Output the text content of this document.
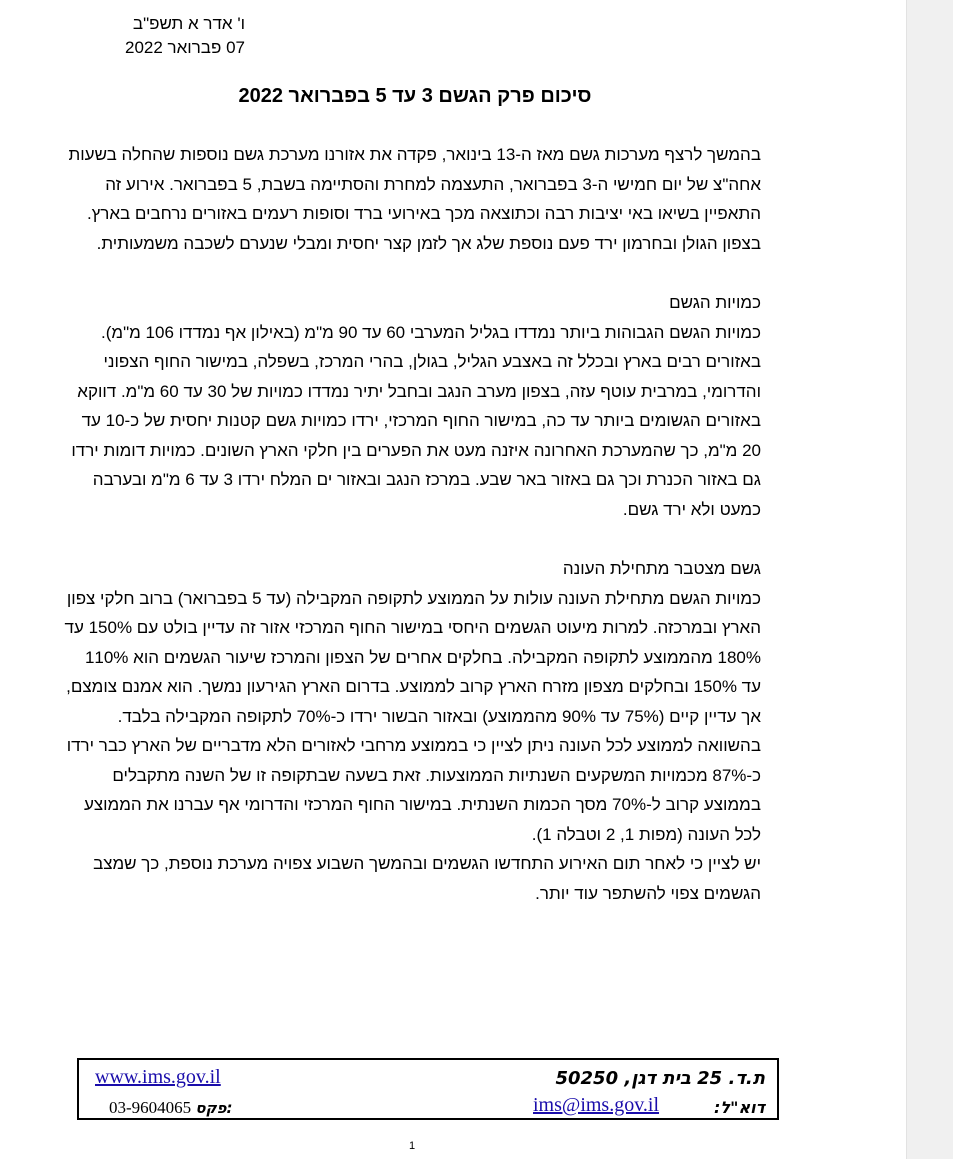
ו' אדר א תשפ"ב
07 פברואר 2022
סיכום פרק הגשם 3 עד 5 בפברואר 2022

בהמשך לרצף מערכות גשם מאז ה-13 בינואר, פקדה את אזורנו מערכת גשם נוספות שהחלה בשעות אחה"צ של יום חמישי ה-3 בפברואר, התעצמה למחרת והסתיימה בשבת, 5 בפברואר. אירוע זה התאפיין בשיאו באי יציבות רבה וכתוצאה מכך באירועי ברד וסופות רעמים באזורים נרחבים בארץ. בצפון הגולן ובחרמון ירד פעם נוספת שלג אך לזמן קצר יחסית ומבלי שנערם לשכבה משמעותית.

כמויות הגשם

כמויות הגשם הגבוהות ביותר נמדדו בגליל המערבי 60 עד 90 מ"מ (באילון אף נמדדו 106 מ"מ). באזורים רבים בארץ ובכלל זה באצבע הגליל, בגולן, בהרי המרכז, בשפלה, במישור החוף הצפוני והדרומי, במרבית עוטף עזה, בצפון מערב הנגב ובחבל יתיר נמדדו כמויות של 30 עד 60 מ"מ. דווקא באזורים הגשומים ביותר עד כה, במישור החוף המרכזי, ירדו כמויות גשם קטנות יחסית של כ-10 עד 20 מ"מ, כך שהמערכת האחרונה איזנה מעט את הפערים בין חלקי הארץ השונים. כמויות דומות ירדו גם באזור הכנרת וכך גם באזור באר שבע. במרכז הנגב ובאזור ים המלח ירדו 3 עד 6 מ"מ ובערבה כמעט ולא ירד גשם.

גשם מצטבר מתחילת העונה

כמויות הגשם מתחילת העונה עולות על הממוצע לתקופה המקבילה (עד 5 בפברואר) ברוב חלקי צפון הארץ ובמרכזה. למרות מיעוט הגשמים היחסי במישור החוף המרכזי אזור זה עדיין בולט עם 150% עד 180% מהממוצע לתקופה המקבילה. בחלקים אחרים של הצפון והמרכז שיעור הגשמים הוא 110% עד 150% ובחלקים מצפון מזרח הארץ קרוב לממוצע. בדרום הארץ הגירעון נמשך. הוא אמנם צומצם, אך עדיין קיים (75% עד 90% מהממוצע) ובאזור הבשור ירדו כ-70% לתקופה המקבילה בלבד.

בהשוואה לממוצע לכל העונה ניתן לציין כי בממוצע מרחבי לאזורים הלא מדבריים של הארץ כבר ירדו כ-87% מכמויות המשקעים השנתיות הממוצעות. זאת בשעה שבתקופה זו של השנה מתקבלים בממוצע קרוב ל-70% מסך הכמות השנתית. במישור החוף המרכזי והדרומי אף עברנו את הממוצע לכל העונה (מפות 1, 2 וטבלה 1).

יש לציין כי לאחר תום האירוע התחדשו הגשמים ובהמשך השבוע צפויה מערכת נוספת, כך שמצב הגשמים צפוי להשתפר עוד יותר.

www.ims.gov.il	ת.ד. 25 בית דגן, 50250
דוא"ל:
ims@ims.gov.il
03-9604065 פקס:
1
